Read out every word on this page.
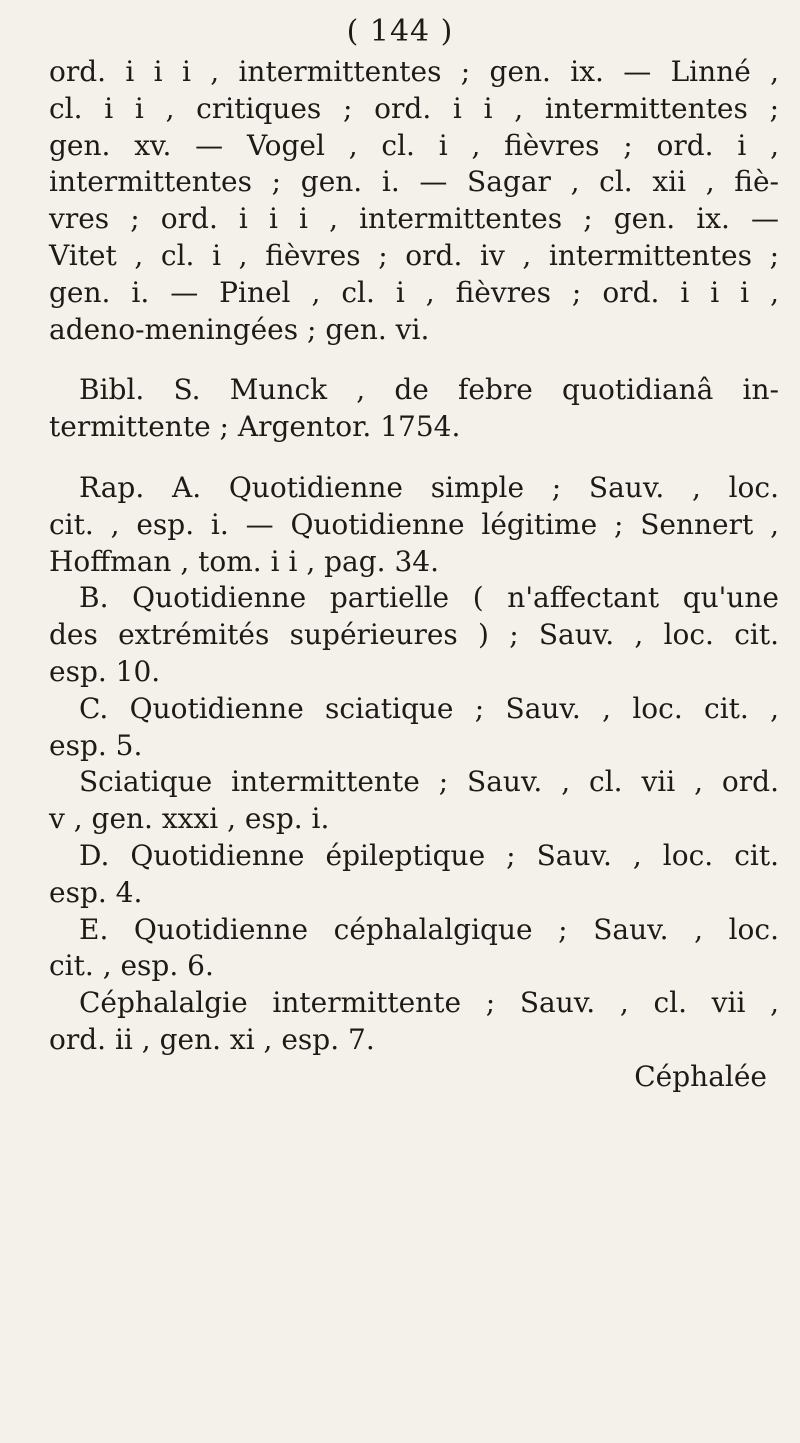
( 144 )
ord. i i i , intermittentes ; gen. ix. — Linné ,
cl. i i , critiques ; ord. i i , intermittentes ;
gen. xv. — Vogel , cl. i , fièvres ; ord. i ,
intermittentes ; gen. i. — Sagar , cl. xii , fiè-
vres ; ord. i i i , intermittentes ; gen. ix. —
Vitet , cl. i , fièvres ; ord. iv , intermittentes ;
gen. i. — Pinel , cl. i , fièvres ; ord. i i i ,
adeno-meningées ; gen. vi.
Bibl. S. Munck , de febre quotidianâ in-
termittente ; Argentor. 1754.
Rap. A. Quotidienne simple ; Sauv. , loc.
cit. , esp. i. — Quotidienne légitime ; Sennert ,
Hoffman , tom. i i , pag. 34.
B. Quotidienne partielle ( n'affectant qu'une
des extrémités supérieures ) ; Sauv. , loc. cit.
esp. 10.
C. Quotidienne sciatique ; Sauv. , loc. cit. ,
esp. 5.
Sciatique intermittente ; Sauv. , cl. vii , ord.
v , gen. xxxi , esp. i.
D. Quotidienne épileptique ; Sauv. , loc. cit.
esp. 4.
E. Quotidienne céphalalgique ; Sauv. , loc.
cit. , esp. 6.
Céphalalgie intermittente ; Sauv. , cl. vii ,
ord. ii , gen. xi , esp. 7.
Céphalée
